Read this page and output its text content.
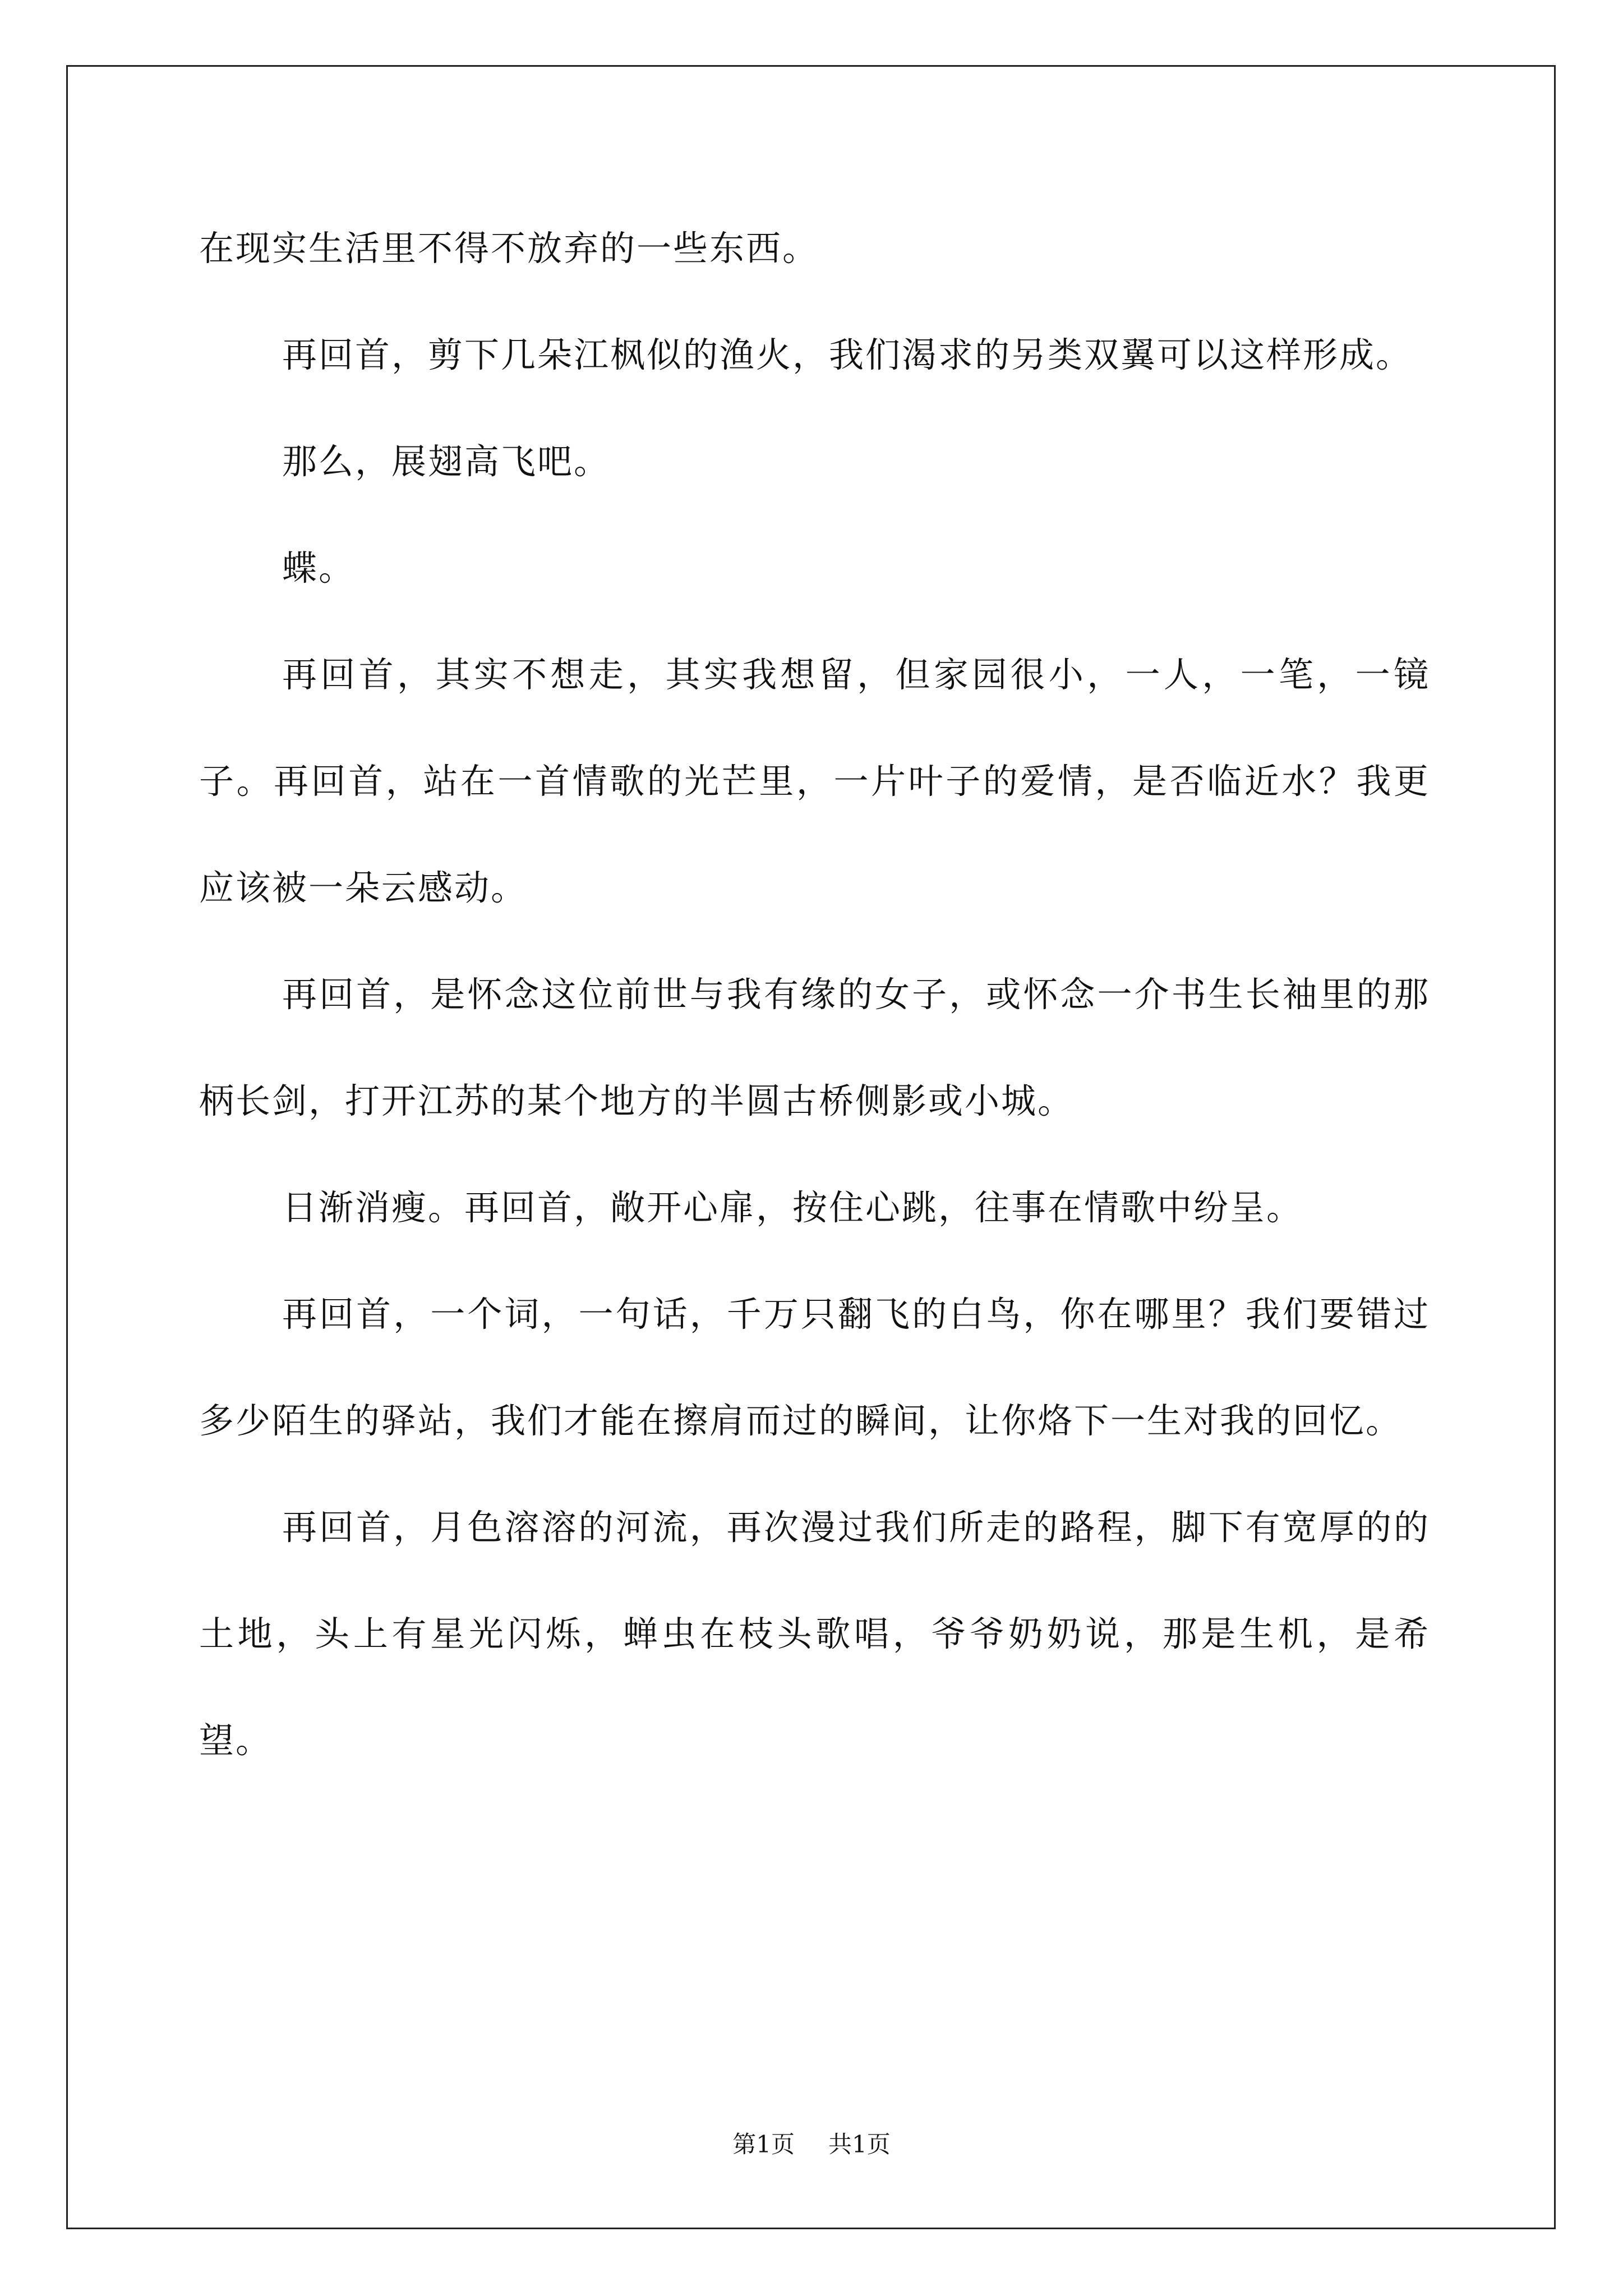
在现实生活里不得不放弃的一些东西。

再回首，剪下几朵江枫似的渔火，我们渴求的另类双翼可以这样形成。

那么，展翅高飞吧。

蝶。

再回首，其实不想走，其实我想留，但家园很小，一人，一笔，一镜子。再回首，站在一首情歌的光芒里，一片叶子的爱情，是否临近水？我更应该被一朵云感动。

再回首，是怀念这位前世与我有缘的女子，或怀念一介书生长袖里的那柄长剑，打开江苏的某个地方的半圆古桥侧影或小城。

日渐消瘦。再回首，敞开心扉，按住心跳，往事在情歌中纷呈。

再回首，一个词，一句话，千万只翻飞的白鸟，你在哪里？我们要错过多少陌生的驿站，我们才能在擦肩而过的瞬间，让你烙下一生对我的回忆。

再回首，月色溶溶的河流，再次漫过我们所走的路程，脚下有宽厚的的土地，头上有星光闪烁，蝉虫在枝头歌唱，爷爷奶奶说，那是生机，是希望。

第1页 共1页
